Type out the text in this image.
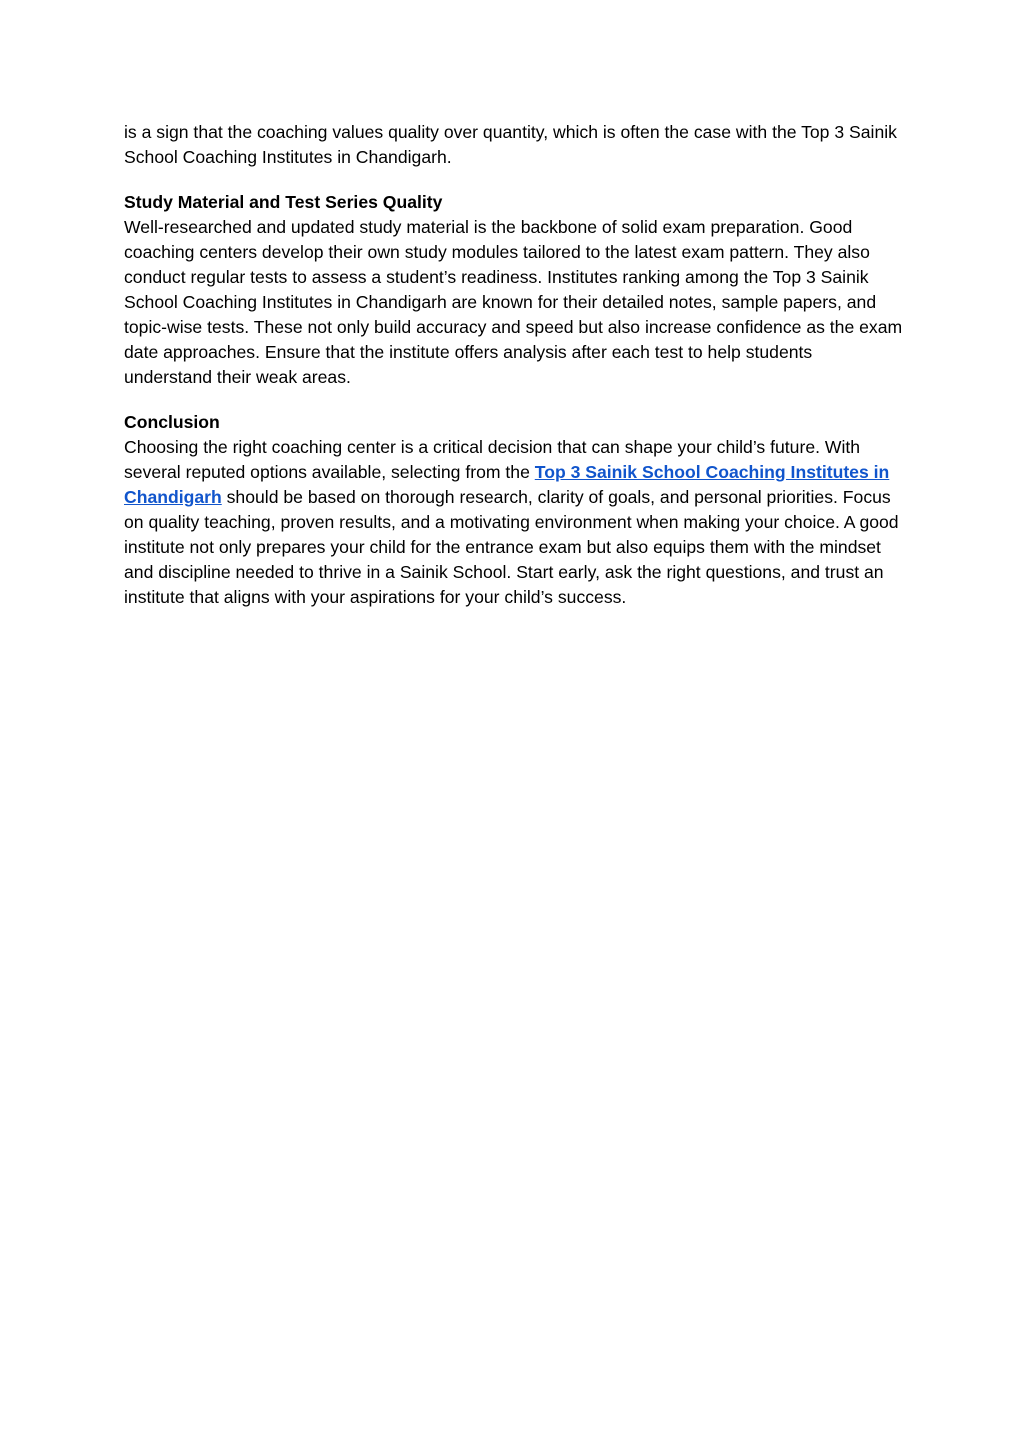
is a sign that the coaching values quality over quantity, which is often the case with the Top 3 Sainik School Coaching Institutes in Chandigarh.

Study Material and Test Series Quality
Well-researched and updated study material is the backbone of solid exam preparation. Good coaching centers develop their own study modules tailored to the latest exam pattern. They also conduct regular tests to assess a student’s readiness. Institutes ranking among the Top 3 Sainik School Coaching Institutes in Chandigarh are known for their detailed notes, sample papers, and topic-wise tests. These not only build accuracy and speed but also increase confidence as the exam date approaches. Ensure that the institute offers analysis after each test to help students understand their weak areas.
Conclusion
Choosing the right coaching center is a critical decision that can shape your child’s future. With several reputed options available, selecting from the Top 3 Sainik School Coaching Institutes in Chandigarh should be based on thorough research, clarity of goals, and personal priorities. Focus on quality teaching, proven results, and a motivating environment when making your choice. A good institute not only prepares your child for the entrance exam but also equips them with the mindset and discipline needed to thrive in a Sainik School. Start early, ask the right questions, and trust an institute that aligns with your aspirations for your child’s success.
